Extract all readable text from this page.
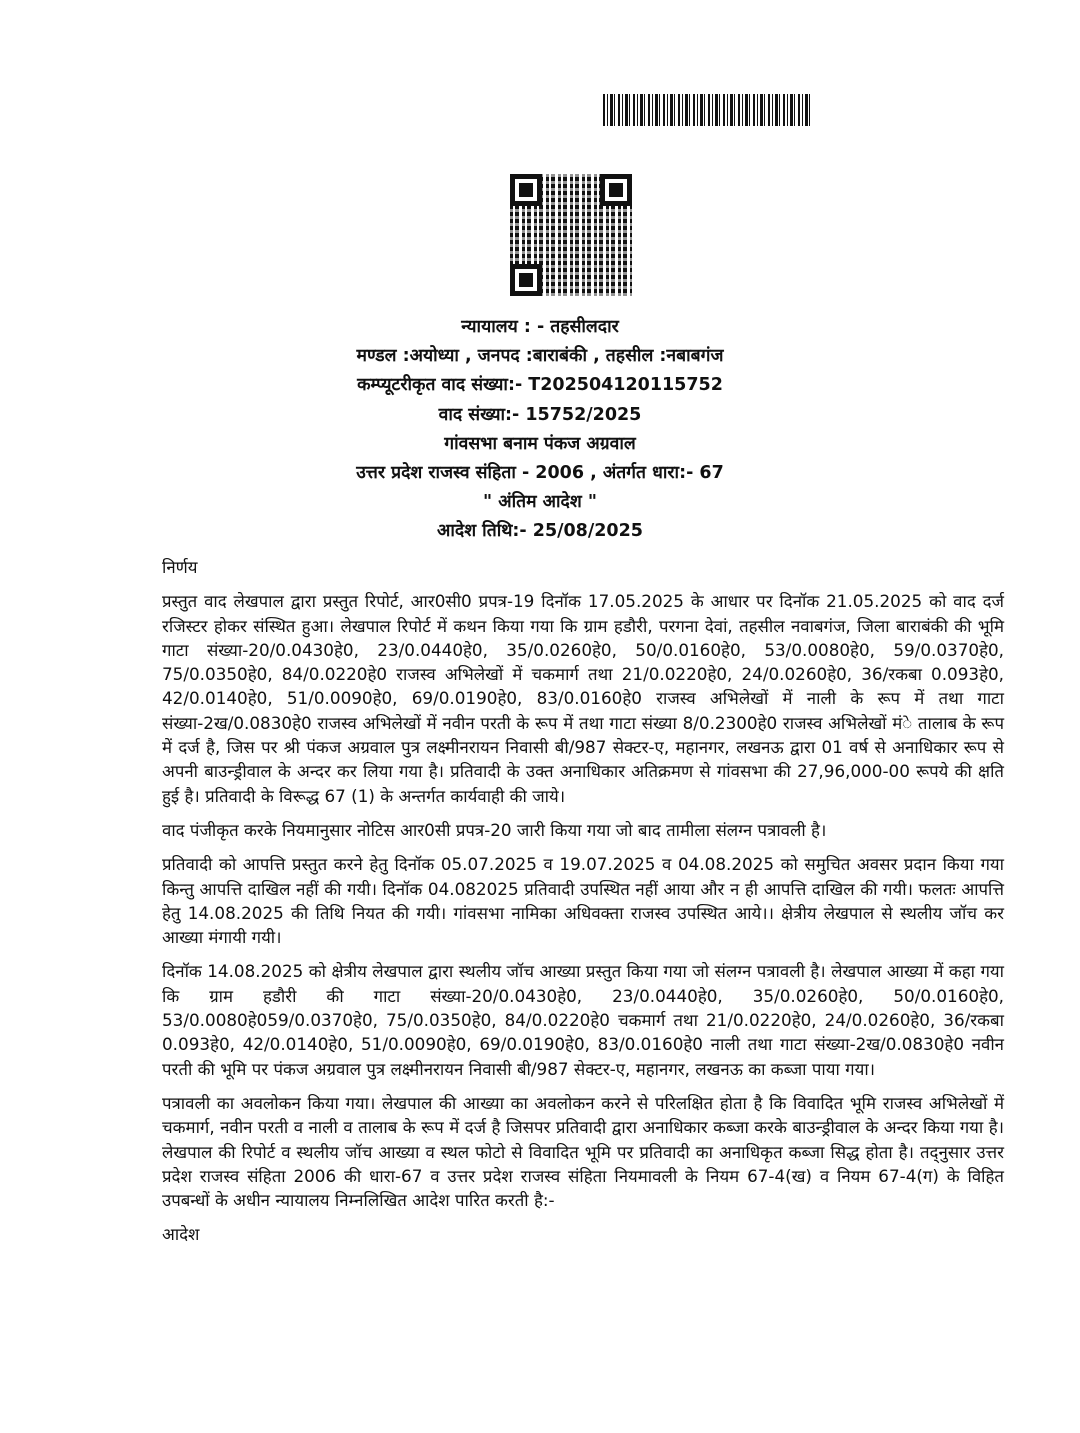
न्यायालय : - तहसीलदार
मण्डल :अयोध्या , जनपद :बाराबंकी , तहसील :नबाबगंज
कम्प्यूटरीकृत वाद संख्या:- T202504120115752
वाद संख्या:- 15752/2025
गांवसभा बनाम पंकज अग्रवाल
उत्तर प्रदेश राजस्व संहिता - 2006 , अंतर्गत धारा:- 67
" अंतिम आदेश "
आदेश तिथि:- 25/08/2025
निर्णय

प्रस्तुत वाद लेखपाल द्वारा प्रस्तुत रिपोर्ट, आर0सी0 प्रपत्र-19 दिनॉक 17.05.2025 के आधार पर दिनॉक 21.05.2025 को वाद दर्ज रजिस्टर होकर संस्थित हुआ। लेखपाल रिपोर्ट में कथन किया गया कि ग्राम हडौरी, परगना देवां, तहसील नवाबगंज, जिला बाराबंकी की भूमि गाटा संख्या-20/0.0430हे0, 23/0.0440हे0, 35/0.0260हे0, 50/0.0160हे0, 53/0.0080हे0, 59/0.0370हे0, 75/0.0350हे0, 84/0.0220हे0 राजस्व अभिलेखों में चकमार्ग तथा 21/0.0220हे0, 24/0.0260हे0, 36/रकबा 0.093हे0, 42/0.0140हे0, 51/0.0090हे0, 69/0.0190हे0, 83/0.0160हे0 राजस्व अभिलेखों में नाली के रूप में तथा गाटा संख्या-2ख/0.0830हे0 राजस्व अभिलेखों में नवीन परती के रूप में तथा गाटा संख्या 8/0.2300हे0 राजस्व अभिलेखों मंे तालाब के रूप में दर्ज है, जिस पर श्री पंकज अग्रवाल पुत्र लक्ष्मीनरायन निवासी बी/987 सेक्टर-ए, महानगर, लखनऊ द्वारा 01 वर्ष से अनाधिकार रूप से अपनी बाउन्ड्रीवाल के अन्दर कर लिया गया है। प्रतिवादी के उक्त अनाधिकार अतिक्रमण से गांवसभा की 27,96,000-00 रूपये की क्षति हुई है। प्रतिवादी के विरूद्ध 67 (1) के अन्तर्गत कार्यवाही की जाये।

वाद पंजीकृत करके नियमानुसार नोटिस आर0सी प्रपत्र-20 जारी किया गया जो बाद तामीला संलग्न पत्रावली है।

प्रतिवादी को आपत्ति प्रस्तुत करने हेतु दिनॉक 05.07.2025 व 19.07.2025 व 04.08.2025 को समुचित अवसर प्रदान किया गया किन्तु आपत्ति दाखिल नहीं की गयी। दिनॉक 04.082025 प्रतिवादी उपस्थित नहीं आया और न ही आपत्ति दाखिल की गयी। फलतः आपत्ति हेतु 14.08.2025 की तिथि नियत की गयी। गांवसभा नामिका अधिवक्ता राजस्व उपस्थित आये।। क्षेत्रीय लेखपाल से स्थलीय जॉच कर आख्या मंगायी गयी।

दिनॉक 14.08.2025 को क्षेत्रीय लेखपाल द्वारा स्थलीय जॉच आख्या प्रस्तुत किया गया जो संलग्न पत्रावली है। लेखपाल आख्या में कहा गया कि ग्राम हडौरी की गाटा संख्या-20/0.0430हे0, 23/0.0440हे0, 35/0.0260हे0, 50/0.0160हे0, 53/0.0080हे059/0.0370हे0, 75/0.0350हे0, 84/0.0220हे0 चकमार्ग तथा 21/0.0220हे0, 24/0.0260हे0, 36/रकबा 0.093हे0, 42/0.0140हे0, 51/0.0090हे0, 69/0.0190हे0, 83/0.0160हे0 नाली तथा गाटा संख्या-2ख/0.0830हे0 नवीन परती की भूमि पर पंकज अग्रवाल पुत्र लक्ष्मीनरायन निवासी बी/987 सेक्टर-ए, महानगर, लखनऊ का कब्जा पाया गया।

पत्रावली का अवलोकन किया गया। लेखपाल की आख्या का अवलोकन करने से परिलक्षित होता है कि विवादित भूमि राजस्व अभिलेखों में चकमार्ग, नवीन परती व नाली व तालाब के रूप में दर्ज है जिसपर प्रतिवादी द्वारा अनाधिकार कब्जा करके बाउन्ड्रीवाल के अन्दर किया गया है। लेखपाल की रिपोर्ट व स्थलीय जॉच आख्या व स्थल फोटो से विवादित भूमि पर प्रतिवादी का अनाधिकृत कब्जा सिद्ध होता है। तद्नुसार उत्तर प्रदेश राजस्व संहिता 2006 की धारा-67 व उत्तर प्रदेश राजस्व संहिता नियमावली के नियम 67-4(ख) व नियम 67-4(ग) के विहित उपबन्धों के अधीन न्यायालय निम्नलिखित आदेश पारित करती है:-

आदेश
